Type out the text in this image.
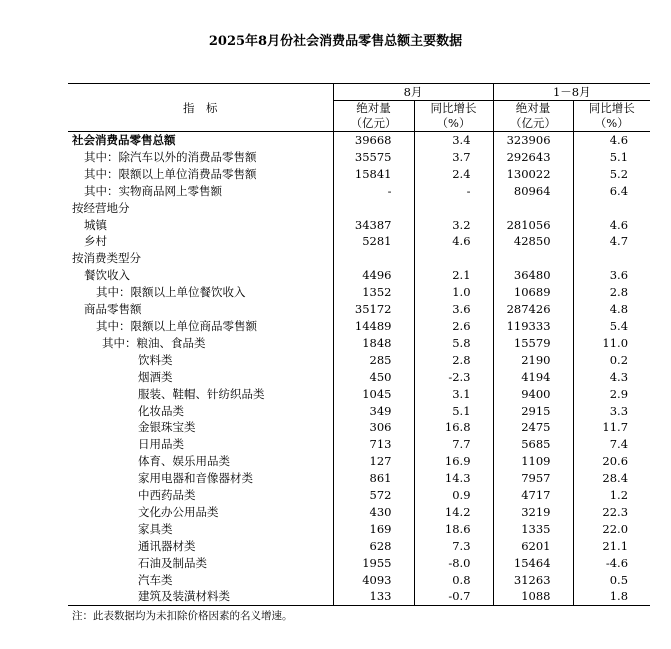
2025年8月份社会消费品零售总额主要数据
指　标	8月		1－8月	
	绝对量	同比增长	绝对量	同比增长
	（亿元）	（%）	（亿元）	（%）
社会消费品零售总额	39668	3.4	323906	4.6
其中：除汽车以外的消费品零售额	35575	3.7	292643	5.1
其中：限额以上单位消费品零售额	15841	2.4	130022	5.2
其中：实物商品网上零售额	-	-	80964	6.4
按经营地分				
城镇	34387	3.2	281056	4.6
乡村	5281	4.6	42850	4.7
按消费类型分				
餐饮收入	4496	2.1	36480	3.6
其中：限额以上单位餐饮收入	1352	1.0	10689	2.8
商品零售额	35172	3.6	287426	4.8
其中：限额以上单位商品零售额	14489	2.6	119333	5.4
其中：粮油、食品类	1848	5.8	15579	11.0
饮料类	285	2.8	2190	0.2
烟酒类	450	-2.3	4194	4.3
服装、鞋帽、针纺织品类	1045	3.1	9400	2.9
化妆品类	349	5.1	2915	3.3
金银珠宝类	306	16.8	2475	11.7
日用品类	713	7.7	5685	7.4
体育、娱乐用品类	127	16.9	1109	20.6
家用电器和音像器材类	861	14.3	7957	28.4
中西药品类	572	0.9	4717	1.2
文化办公用品类	430	14.2	3219	22.3
家具类	169	18.6	1335	22.0
通讯器材类	628	7.3	6201	21.1
石油及制品类	1955	-8.0	15464	-4.6
汽车类	4093	0.8	31263	0.5
建筑及装潢材料类	133	-0.7	1088	1.8
注：此表数据均为未扣除价格因素的名义增速。
